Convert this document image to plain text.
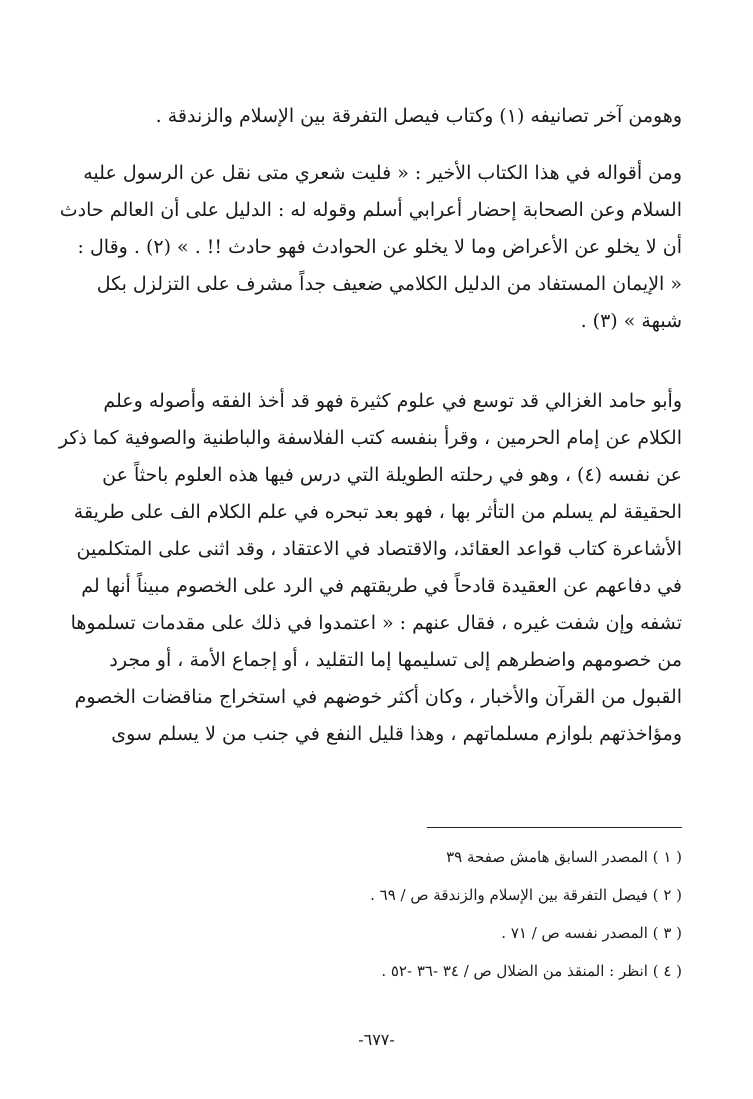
وهومن آخر تصانيفه (١) وكتاب فيصل التفرقة بين الإسلام والزندقة .
ومن أقواله في هذا الكتاب الأخير : « فليت شعري متى نقل عن الرسول عليه
السلام وعن الصحابة إحضار أعرابي أسلم وقوله له : الدليل على أن العالم حادث
أن لا يخلو عن الأعراض وما لا يخلو عن الحوادث فهو حادث !! . » (٢) . وقال :
« الإيمان المستفاد من الدليل الكلامي ضعيف جداً مشرف على التزلزل بكل
شبهة » (٣) .
وأبو حامد الغزالي قد توسع في علوم كثيرة فهو قد أخذ الفقه وأصوله وعلم
الكلام عن إمام الحرمين ، وقرأ بنفسه كتب الفلاسفة والباطنية والصوفية كما ذكر
عن نفسه (٤) ، وهو في رحلته الطويلة التي درس فيها هذه العلوم باحثاً عن
الحقيقة لم يسلم من التأثر بها ، فهو بعد تبحره في علم الكلام الف على طريقة
الأشاعرة كتاب قواعد العقائد، والاقتصاد في الاعتقاد ، وقد اثنى على المتكلمين
في دفاعهم عن العقيدة قادحاً في طريقتهم في الرد على الخصوم مبيناً أنها لم
تشفه وإن شفت غيره ، فقال عنهم : « اعتمدوا في ذلك على مقدمات تسلموها
من خصومهم واضطرهم إلى تسليمها إما التقليد ، أو إجماع الأمة ، أو مجرد
القبول من القرآن والأخبار ، وكان أكثر خوضهم في استخراج مناقضات الخصوم
ومؤاخذتهم بلوازم مسلماتهم ، وهذا قليل النفع في جنب من لا يسلم سوى
( ١ ) المصدر السابق هامش صفحة ٣٩
( ٢ ) فيصل التفرقة بين الإسلام والزندقة ص / ٦٩ .
( ٣ ) المصدر نفسه ص / ٧١ .
( ٤ ) انظر : المنقذ من الضلال ص / ٣٤ -٣٦ -٥٢ .
-٦٧٧-
